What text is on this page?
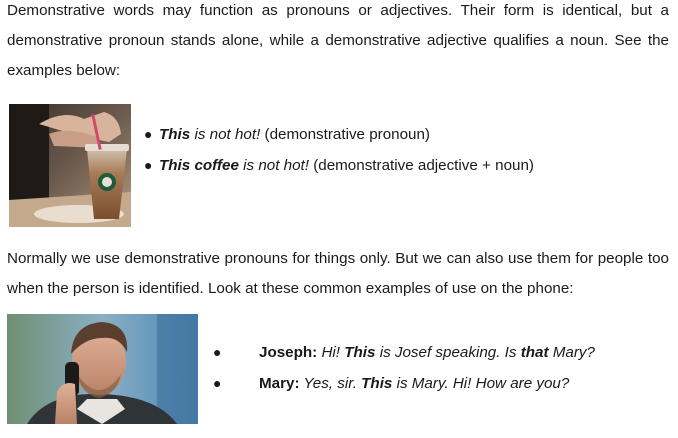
Demonstrative words may function as pronouns or adjectives. Their form is identical, but a demonstrative pronoun stands alone, while a demonstrative adjective qualifies a noun. See the examples below:

● This is not hot! (demonstrative pronoun)
● This coffee is not hot! (demonstrative adjective + noun)

Normally we use demonstrative pronouns for things only. But we can also use them for people too when the person is identified. Look at these common examples of use on the phone:

● Joseph: Hi! This is Josef speaking. Is that Mary?
● Mary: Yes, sir. This is Mary. Hi! How are you?
